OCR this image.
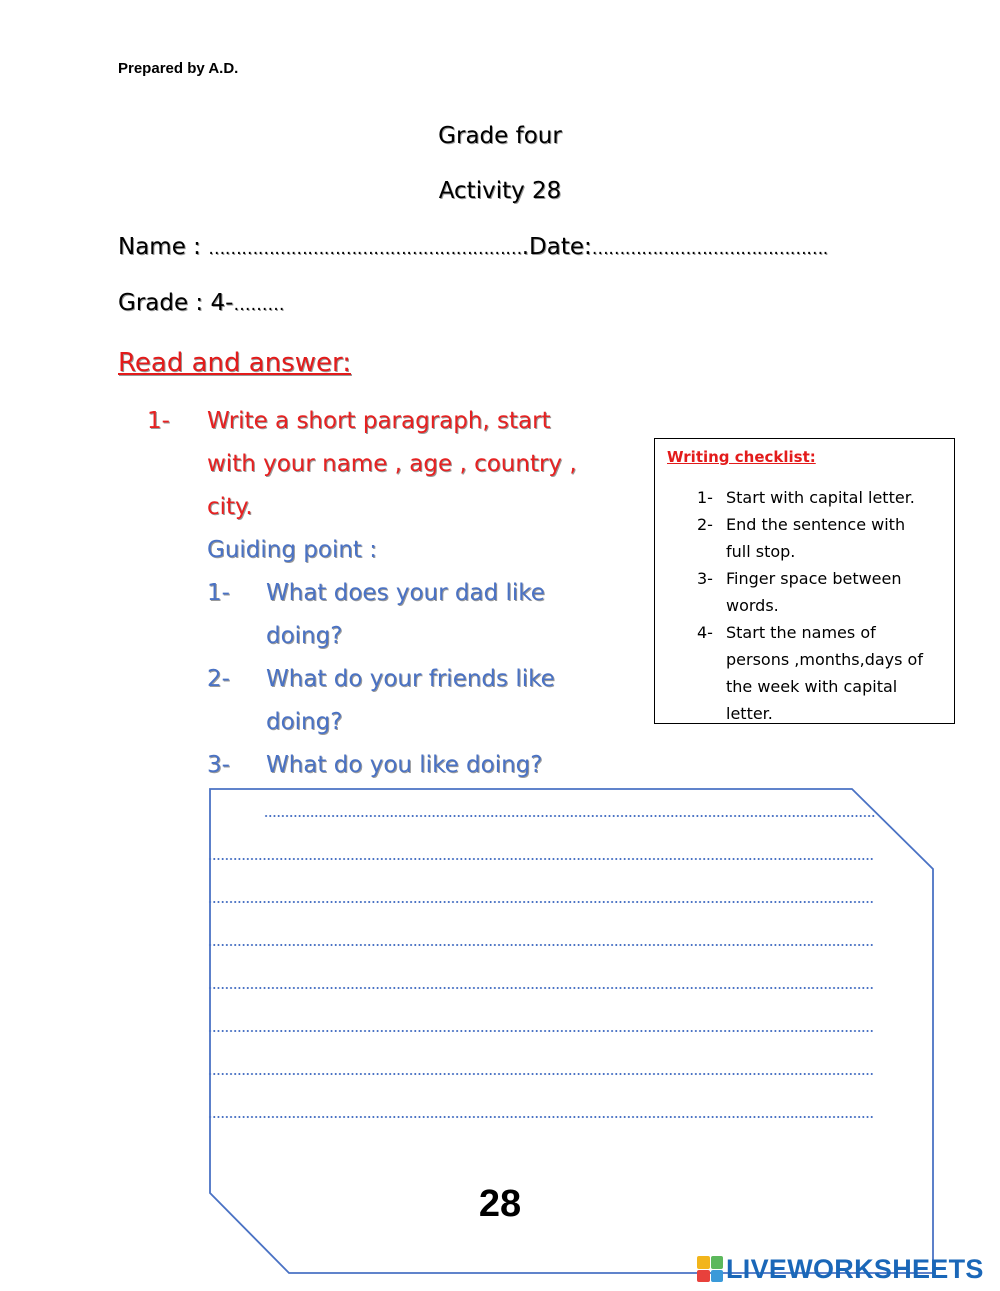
Prepared by A.D.
Grade four
Activity 28
Name : ………………………………………………….Date:…………………………………….
Grade : 4-………
Read and answer:
1- Write a short paragraph, start
with your name , age , country ,
city.
Guiding point :
1- What does your dad like
doing?
2- What do your friends like
doing?
3- What do you like doing?
Writing checklist:
1- Start with capital letter.
2- End the sentence with
full stop.
3- Finger space between
words.
4- Start the names of
persons ,months,days of
the week with capital
letter.
28
LIVEWORKSHEETS
